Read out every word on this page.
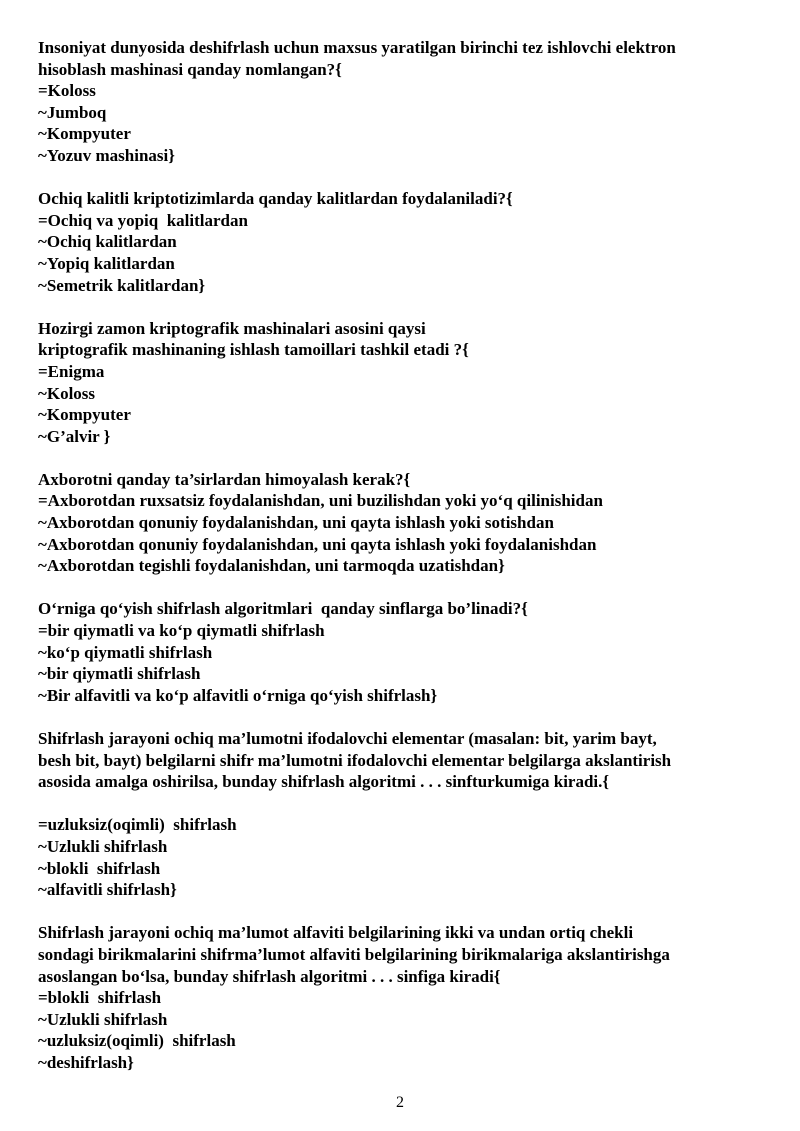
Insoniyat dunyosida deshifrlash uchun maxsus yaratilgan birinchi tez ishlovchi elektron

hisoblash mashinasi qanday nomlangan?{

=Koloss

~Jumboq

~Kompyuter

~Yozuv mashinasi}

Ochiq kalitli kriptotizimlarda qanday kalitlardan foydalaniladi?{

=Ochiq va yopiq  kalitlardan

~Ochiq kalitlardan

~Yopiq kalitlardan

~Semetrik kalitlardan}

Hozirgi zamon kriptografik mashinalari asosini qaysi

kriptografik mashinaning ishlash tamoillari tashkil etadi ?{

=Enigma

~Koloss

~Kompyuter

~G’alvir }

Axborotni qanday ta’sirlardan himoyalash kerak?{

=Axborotdan ruxsatsiz foydalanishdan, uni buzilishdan yoki yo‘q qilinishidan

~Axborotdan qonuniy foydalanishdan, uni qayta ishlash yoki sotishdan

~Axborotdan qonuniy foydalanishdan, uni qayta ishlash yoki foydalanishdan

~Axborotdan tegishli foydalanishdan, uni tarmoqda uzatishdan}

O‘rniga qo‘yish shifrlash algoritmlari  qanday sinflarga bo’linadi?{

=bir qiymatli va ko‘p qiymatli shifrlash

~ko‘p qiymatli shifrlash

~bir qiymatli shifrlash

~Bir alfavitli va ko‘p alfavitli o‘rniga qo‘yish shifrlash}

Shifrlash jarayoni ochiq ma’lumotni ifodalovchi elementar (masalan: bit, yarim bayt,

besh bit, bayt) belgilarni shifr ma’lumotni ifodalovchi elementar belgilarga akslantirish

asosida amalga oshirilsa, bunday shifrlash algoritmi . . . sinfturkumiga kiradi.{

=uzluksiz(oqimli)  shifrlash

~Uzlukli shifrlash

~blokli  shifrlash

~alfavitli shifrlash}

Shifrlash jarayoni ochiq ma’lumot alfaviti belgilarining ikki va undan ortiq chekli

sondagi birikmalarini shifrma’lumot alfaviti belgilarining birikmalariga akslantirishga

asoslangan bo‘lsa, bunday shifrlash algoritmi . . . sinfiga kiradi{

=blokli  shifrlash

~Uzlukli shifrlash

~uzluksiz(oqimli)  shifrlash

~deshifrlash}

2
